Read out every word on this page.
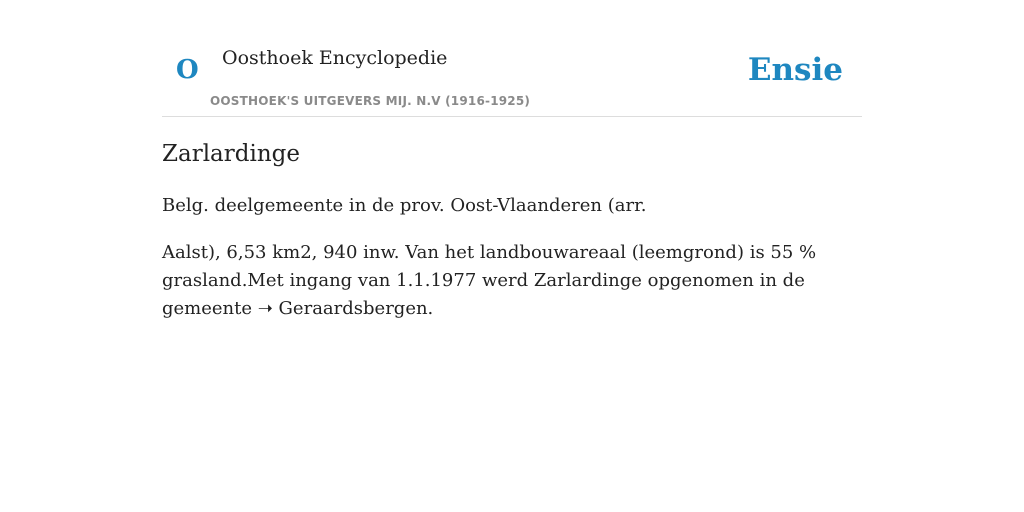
O Oosthoek Encyclopedie	Ensie
OOSTHOEK'S UITGEVERS MIJ. N.V (1916-1925)
Zarlardinge

Belg. deelgemeente in de prov. Oost-Vlaanderen (arr.

Aalst), 6,53 km2, 940 inw. Van het landbouwareaal (leemgrond) is 55 % grasland.Met ingang van 1.1.1977 werd Zarlardinge opgenomen in de gemeente ➝ Geraardsbergen.
